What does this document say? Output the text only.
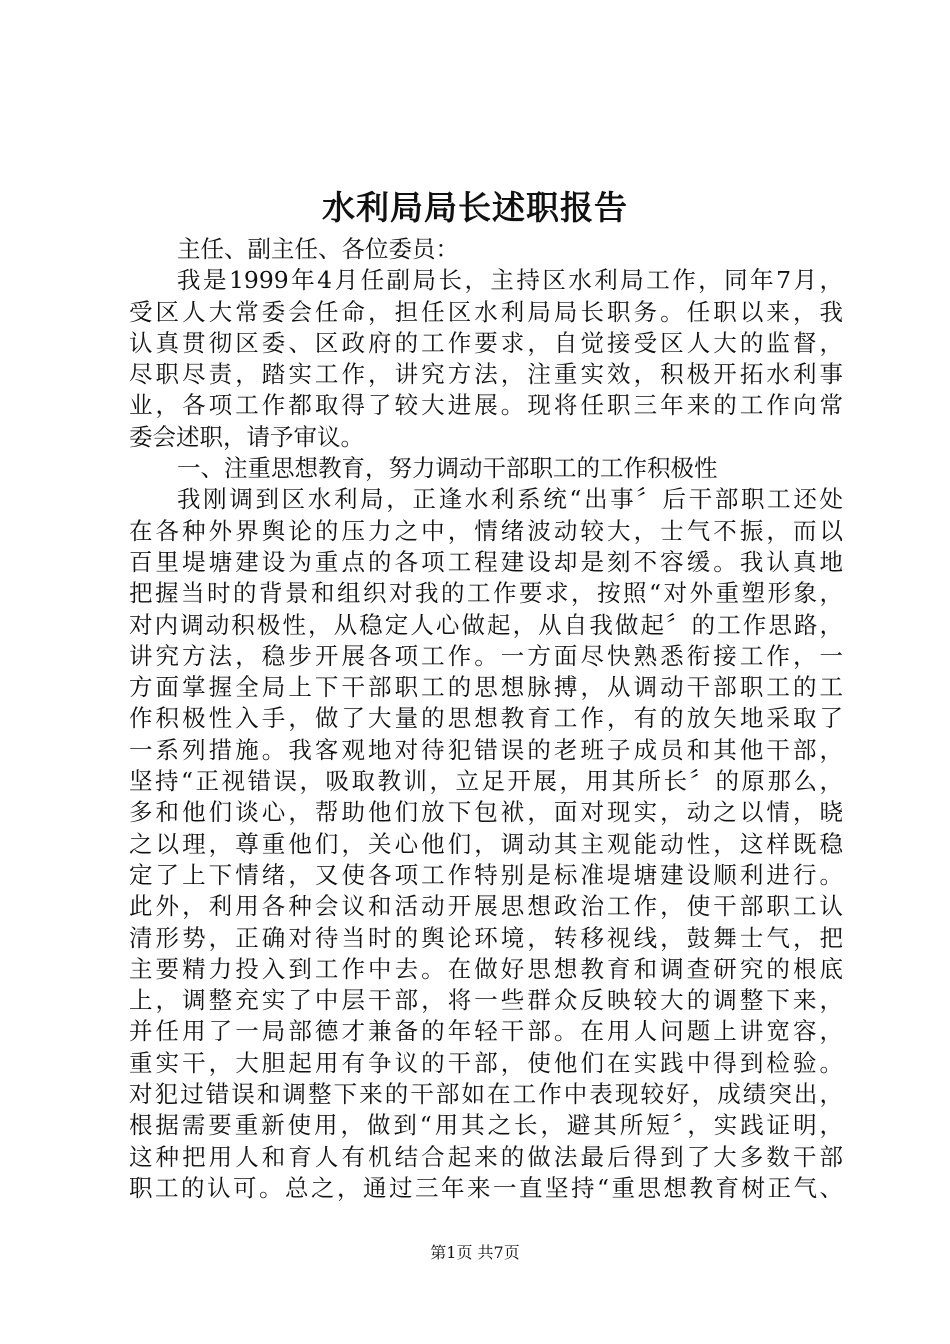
水利局局长述职报告
主任、副主任、各位委员：
我是1999年4月任副局长，主持区水利局工作，同年7月，
受区人大常委会任命，担任区水利局局长职务。任职以来，我
认真贯彻区委、区政府的工作要求，自觉接受区人大的监督，
尽职尽责，踏实工作，讲究方法，注重实效，积极开拓水利事
业，各项工作都取得了较大进展。现将任职三年来的工作向常
委会述职，请予审议。
一、注重思想教育，努力调动干部职工的工作积极性
我刚调到区水利局，正逢水利系统“出事〞后干部职工还处
在各种外界舆论的压力之中，情绪波动较大，士气不振，而以
百里堤塘建设为重点的各项工程建设却是刻不容缓。我认真地
把握当时的背景和组织对我的工作要求，按照“对外重塑形象，
对内调动积极性，从稳定人心做起，从自我做起〞的工作思路，
讲究方法，稳步开展各项工作。一方面尽快熟悉衔接工作，一
方面掌握全局上下干部职工的思想脉搏，从调动干部职工的工
作积极性入手，做了大量的思想教育工作，有的放矢地采取了
一系列措施。我客观地对待犯错误的老班子成员和其他干部，
坚持“正视错误，吸取教训，立足开展，用其所长〞的原那么，
多和他们谈心，帮助他们放下包袱，面对现实，动之以情，晓
之以理，尊重他们，关心他们，调动其主观能动性，这样既稳
定了上下情绪，又使各项工作特别是标准堤塘建设顺利进行。
此外，利用各种会议和活动开展思想政治工作，使干部职工认
清形势，正确对待当时的舆论环境，转移视线，鼓舞士气，把
主要精力投入到工作中去。在做好思想教育和调查研究的根底
上，调整充实了中层干部，将一些群众反映较大的调整下来，
并任用了一局部德才兼备的年轻干部。在用人问题上讲宽容，
重实干，大胆起用有争议的干部，使他们在实践中得到检验。
对犯过错误和调整下来的干部如在工作中表现较好，成绩突出，
根据需要重新使用，做到“用其之长，避其所短〞，实践证明，
这种把用人和育人有机结合起来的做法最后得到了大多数干部
职工的认可。总之，通过三年来一直坚持“重思想教育树正气、
第1页 共7页
